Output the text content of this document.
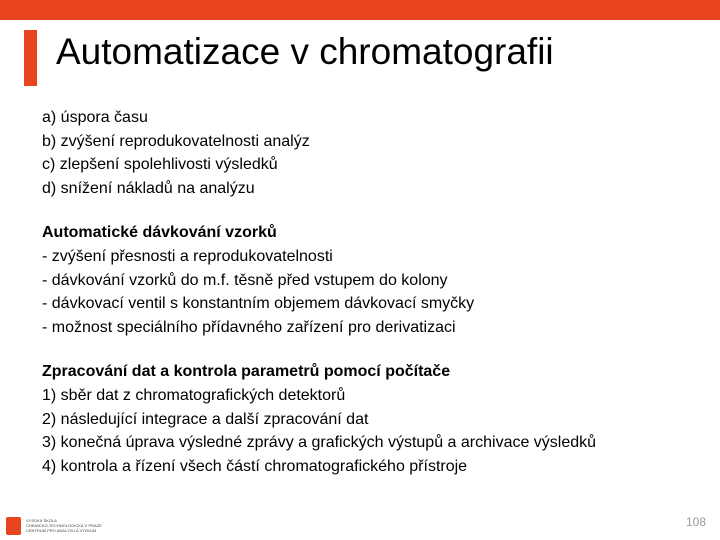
Automatizace v chromatografii
a) úspora času
b) zvýšení reprodukovatelnosti analýz
c) zlepšení spolehlivosti výsledků
d) snížení nákladů na analýzu
Automatické dávkování vzorků
- zvýšení přesnosti a reprodukovatelnosti
- dávkování vzorků do m.f. těsně před vstupem do kolony
- dávkovací ventil s konstantním objemem dávkovací smyčky
- možnost speciálního přídavného zařízení pro derivatizaci
Zpracování dat a kontrola parametrů pomocí počítače
1) sběr dat z chromatografických detektorů
2) následující integrace a další zpracování dat
3) konečná úprava výsledné zprávy a grafických výstupů a archivace výsledků
4) kontrola a řízení všech částí chromatografického přístroje
VYSOKÁ ŠKOLA
CHEMICKO-TECHNOLOGICKÁ V PRAZE
CENTRUM PRO ANALÝZU A VÝZKUM
108
